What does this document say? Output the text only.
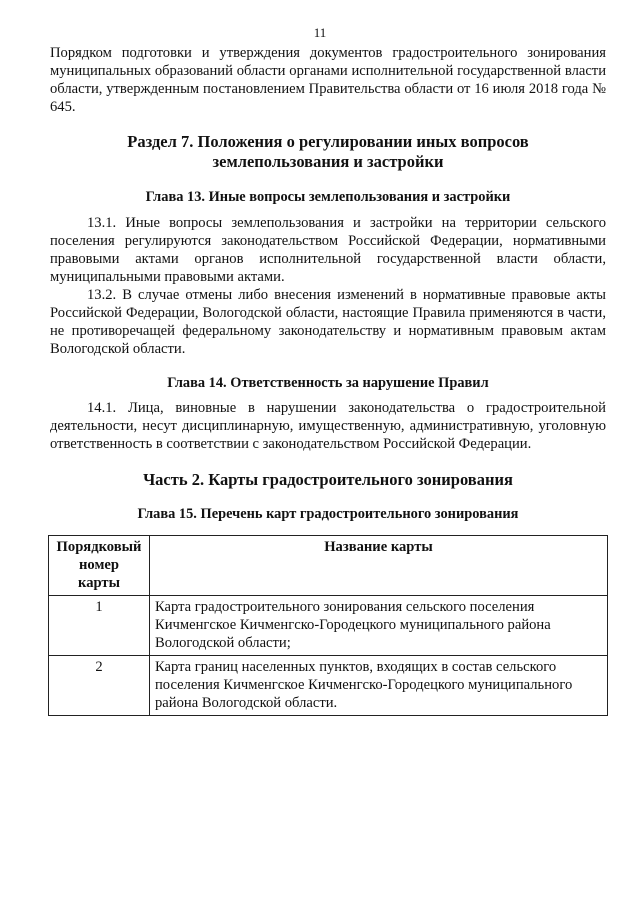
11

Порядком подготовки и утверждения документов градостроительного зонирования муниципальных образований области органами исполнительной государственной власти области, утвержденным постановлением Правительства области от 16 июля 2018 года № 645.

Раздел 7. Положения о регулировании иных вопросов
землепользования и застройки
Глава 13. Иные вопросы землепользования и застройки

13.1. Иные вопросы землепользования и застройки на территории сельского поселения регулируются законодательством Российской Федерации, нормативными правовыми актами органов исполнительной государственной власти области, муниципальными правовыми актами.

13.2. В случае отмены либо внесения изменений в нормативные правовые акты Российской Федерации, Вологодской области, настоящие Правила применяются в части, не противоречащей федеральному законодательству и нормативным правовым актам Вологодской области.

Глава 14. Ответственность за нарушение Правил

14.1. Лица, виновные в нарушении законодательства о градостроительной деятельности, несут дисциплинарную, имущественную, административную, уголовную ответственность в соответствии с законодательством Российской Федерации.

Часть 2. Карты градостроительного зонирования
Глава 15. Перечень карт градостроительного зонирования
Порядковый
номер
карты	Название карты
1	Карта градостроительного зонирования сельского поселения Кичменгское Кичменгско-Городецкого муниципального района Вологодской области;
2	Карта границ населенных пунктов, входящих в состав сельского поселения Кичменгское Кичменгско-Городецкого муниципального района Вологодской области.
